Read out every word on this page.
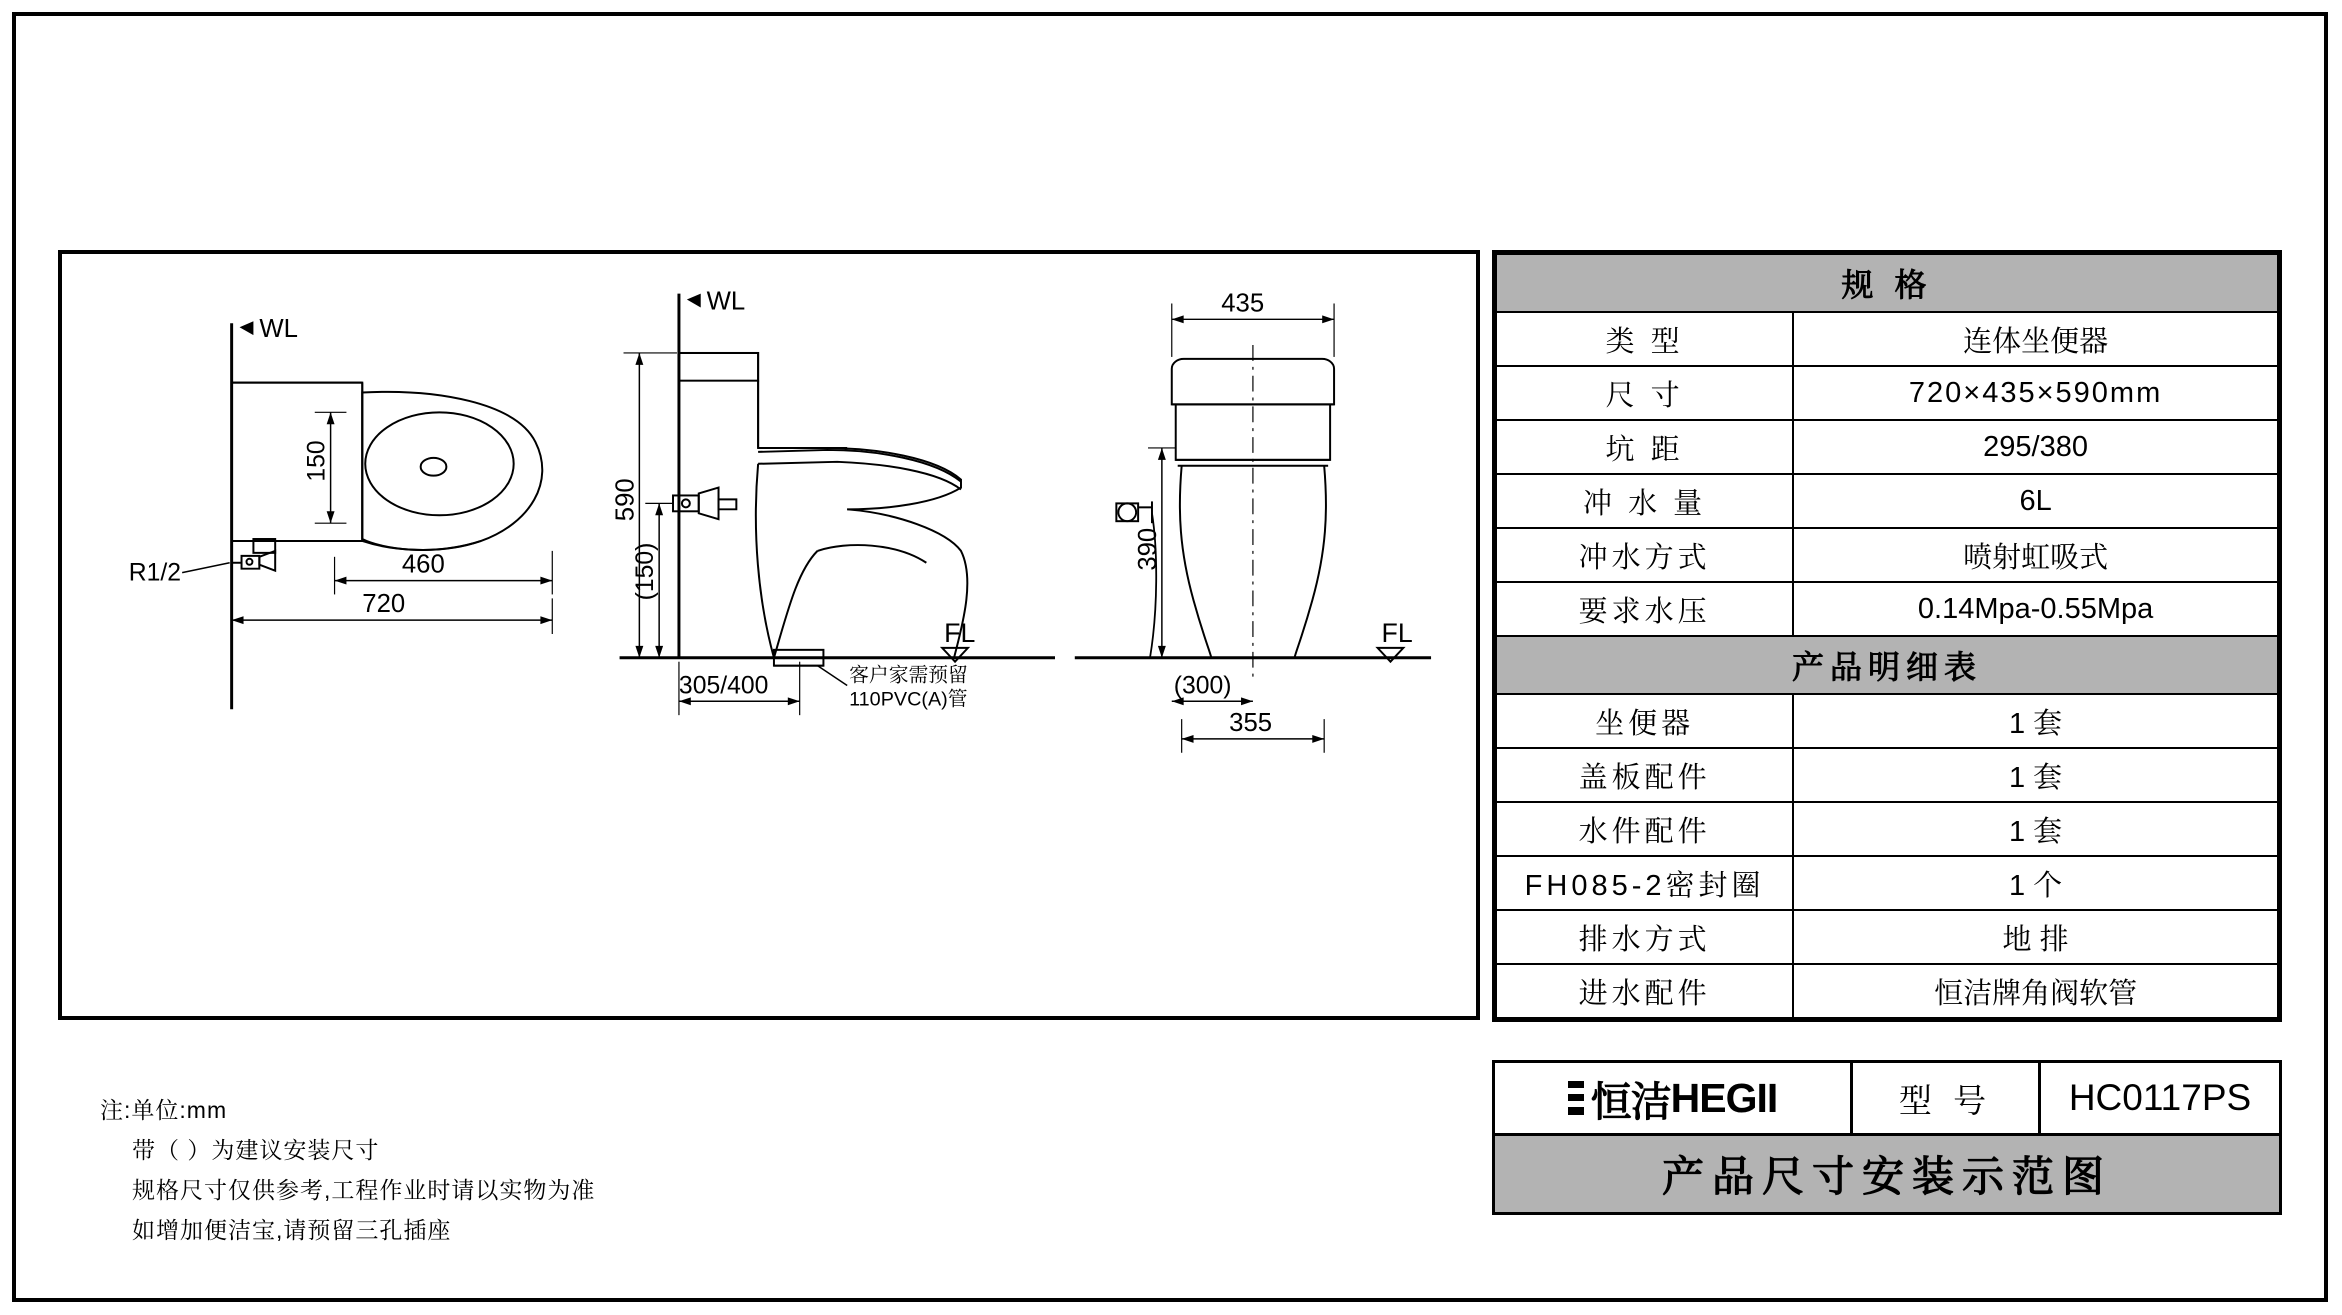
WL
R1/2
150
460
720
WL
590
(150)
305/400
FL
客户家需预留
110PVC(A)管
435
390
(300)
355
FL
规 格	
类 型	连体坐便器
尺 寸	720×435×590mm
坑 距	295/380
冲 水 量	6L
冲水方式	喷射虹吸式
要求水压	0.14Mpa-0.55Mpa
产品明细表	
坐便器	1 套
盖板配件	1 套
水件配件	1 套
FH085-2密封圈	1 个
排水方式	地 排
进水配件	恒洁牌角阀软管
恒洁 HEGII	型 号	HC0117PS
产品尺寸安装示范图
注:单位:mm
带（ ）为建议安装尺寸
规格尺寸仅供参考,工程作业时请以实物为准
如增加便洁宝,请预留三孔插座
